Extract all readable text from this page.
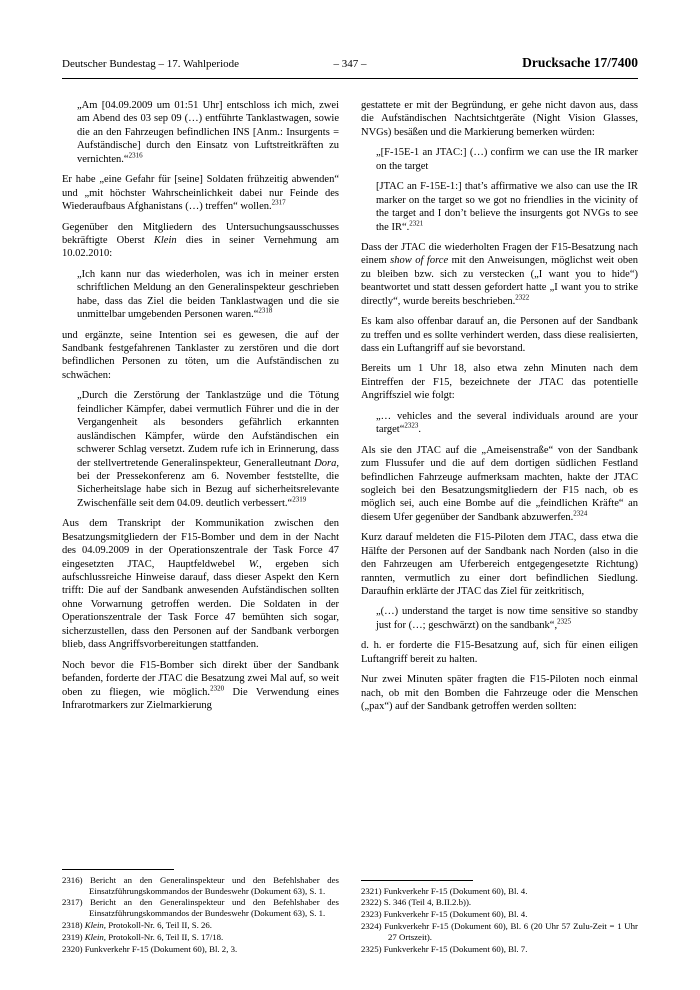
Deutscher Bundestag – 17. Wahlperiode	– 347 –	Drucksache 17/7400
„Am [04.09.2009 um 01:51 Uhr] entschloss ich mich, zwei am Abend des 03 sep 09 (…) entführte Tanklastwagen, sowie die an den Fahrzeugen befindlichen INS [Anm.: Insurgents = Aufständische] durch den Einsatz von Luftstreitkräften zu vernichten.“$^{2316}$
Er habe „eine Gefahr für [seine] Soldaten frühzeitig abwenden“ und „mit höchster Wahrscheinlichkeit dabei nur Feinde des Wiederaufbaus Afghanistans (…) treffen“ wollen.$^{2317}$
Gegenüber den Mitgliedern des Untersuchungsausschusses bekräftigte Oberst Klein dies in seiner Vernehmung am 10.02.2010:
„Ich kann nur das wiederholen, was ich in meiner ersten schriftlichen Meldung an den Generalinspekteur geschrieben habe, dass das Ziel die beiden Tanklastwagen und die sie unmittelbar umgebenden Personen waren.“$^{2318}$
und ergänzte, seine Intention sei es gewesen, die auf der Sandbank festgefahrenen Tanklaster zu zerstören und die dort befindlichen Personen zu töten, um die Aufständischen zu schwächen:
„Durch die Zerstörung der Tanklastzüge und die Tötung feindlicher Kämpfer, dabei vermutlich Führer und die in der Vergangenheit als besonders gefährlich erkannten ausländischen Kämpfer, würde den Aufständischen ein schwerer Schlag versetzt. Zudem rufe ich in Erinnerung, dass der stellvertretende Generalinspekteur, Generalleutnant Dora, bei der Pressekonferenz am 6. November feststellte, die Sicherheitslage habe sich in Bezug auf sicherheitsrelevante Zwischenfälle seit dem 04.09. deutlich verbessert.“$^{2319}$
Aus dem Transkript der Kommunikation zwischen den Besatzungsmitgliedern der F15-Bomber und dem in der Nacht des 04.09.2009 in der Operationszentrale der Task Force 47 eingesetzten JTAC, Hauptfeldwebel W., ergeben sich aufschlussreiche Hinweise darauf, dass dieser Aspekt den Kern trifft: Die auf der Sandbank anwesenden Aufständischen sollten ohne Vorwarnung getroffen werden. Die Soldaten in der Operationszentrale der Task Force 47 bemühten sich sogar, sicherzustellen, dass den Personen auf der Sandbank verborgen blieb, dass Angriffsvorbereitungen stattfanden.
Noch bevor die F15-Bomber sich direkt über der Sandbank befanden, forderte der JTAC die Besatzung zwei Mal auf, so weit oben zu fliegen, wie möglich.$^{2320}$ Die Verwendung eines Infrarotmarkers zur Zielmarkierung
2316) Bericht an den Generalinspekteur und den Befehlshaber des Einsatzführungskommandos der Bundeswehr (Dokument 63), S. 1.
2317) Bericht an den Generalinspekteur und den Befehlshaber des Einsatzführungskommandos der Bundeswehr (Dokument 63), S. 1.
2318) Klein, Protokoll-Nr. 6, Teil II, S. 26.
2319) Klein, Protokoll-Nr. 6, Teil II, S. 17/18.
2320) Funkverkehr F-15 (Dokument 60), Bl. 2, 3.
gestattete er mit der Begründung, er gehe nicht davon aus, dass die Aufständischen Nachtsichtgeräte (Night Vision Glasses, NVGs) besäßen und die Markierung bemerken würden:
„[F-15E-1 an JTAC:] (…) confirm we can use the IR marker on the target
[JTAC an F-15E-1:] that’s affirmative we also can use the IR marker on the target so we got no friendlies in the vicinity of the target and I don’t believe the insurgents got NVGs to see the IR“.$^{2321}$
Dass der JTAC die wiederholten Fragen der F15-Besatzung nach einem show of force mit den Anweisungen, möglichst weit oben zu bleiben bzw. sich zu verstecken („I want you to hide“) beantwortet und statt dessen gefordert hatte „I want you to strike directly“, wurde bereits beschrieben.$^{2322}$
Es kam also offenbar darauf an, die Personen auf der Sandbank zu treffen und es sollte verhindert werden, dass diese realisierten, dass ein Luftangriff auf sie bevorstand.
Bereits um 1 Uhr 18, also etwa zehn Minuten nach dem Eintreffen der F15, bezeichnete der JTAC das potentielle Angriffsziel wie folgt:
„… vehicles and the several individuals around are your target“$^{2323}$.
Als sie den JTAC auf die „Ameisenstraße“ von der Sandbank zum Flussufer und die auf dem dortigen südlichen Festland befindlichen Fahrzeuge aufmerksam machten, hakte der JTAC sogleich bei den Besatzungsmitgliedern der F15 nach, ob es möglich sei, auch eine Bombe auf die „feindlichen Kräfte“ an diesem Ufer gegenüber der Sandbank abzuwerfen.$^{2324}$
Kurz darauf meldeten die F15-Piloten dem JTAC, dass etwa die Hälfte der Personen auf der Sandbank nach Norden (also in die den Fahrzeugen am Uferbereich entgegengesetzte Richtung) rannten, vermutlich zu einer dort befindlichen Siedlung. Daraufhin erklärte der JTAC das Ziel für zeitkritisch,
„(…) understand the target is now time sensitive so standby just for (…; geschwärzt) on the sandbank“,$^{2325}$
d. h. er forderte die F15-Besatzung auf, sich für einen eiligen Luftangriff bereit zu halten.
Nur zwei Minuten später fragten die F15-Piloten noch einmal nach, ob mit den Bomben die Fahrzeuge oder die Menschen („pax“) auf der Sandbank getroffen werden sollten:
2321) Funkverkehr F-15 (Dokument 60), Bl. 4.
2322) S. 346 (Teil 4, B.II.2.b)).
2323) Funkverkehr F-15 (Dokument 60), Bl. 4.
2324) Funkverkehr F-15 (Dokument 60), Bl. 6 (20 Uhr 57 Zulu-Zeit = 1 Uhr 27 Ortszeit).
2325) Funkverkehr F-15 (Dokument 60), Bl. 7.
